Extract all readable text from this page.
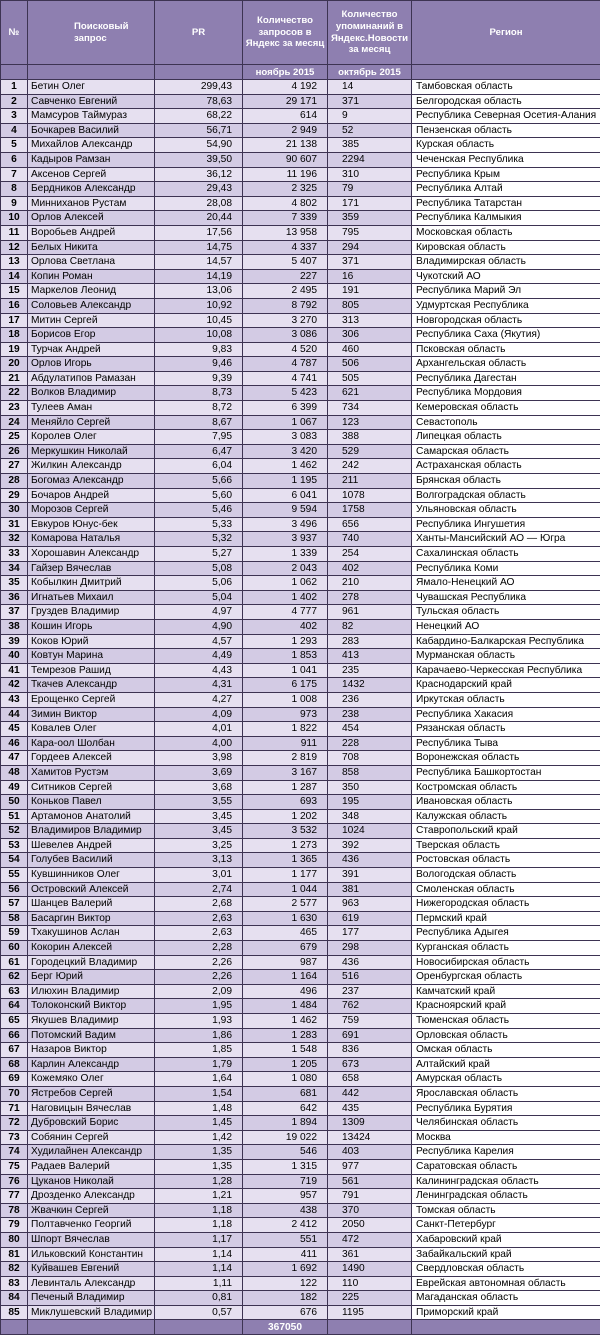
№	Поисковый запрос	PR	Количество запросов в Яндекс за месяц	Количество упоминаний в Яндекс.Новости за месяц	Регион
			ноябрь 2015	октябрь 2015	
1	Бетин Олег	299,43	4 192	14	Тамбовская область
2	Савченко Евгений	78,63	29 171	371	Белгородская область
3	Мамсуров Таймураз	68,22	614	9	Республика Северная Осетия-Алания
4	Бочкарев Василий	56,71	2 949	52	Пензенская область
5	Михайлов Александр	54,90	21 138	385	Курская область
6	Кадыров Рамзан	39,50	90 607	2294	Чеченская Республика
7	Аксенов Сергей	36,12	11 196	310	Республика Крым
8	Бердников Александр	29,43	2 325	79	Республика Алтай
9	Минниханов Рустам	28,08	4 802	171	Республика Татарстан
10	Орлов Алексей	20,44	7 339	359	Республика Калмыкия
11	Воробьев Андрей	17,56	13 958	795	Московская область
12	Белых Никита	14,75	4 337	294	Кировская область
13	Орлова Светлана	14,57	5 407	371	Владимирская область
14	Копин Роман	14,19	227	16	Чукотский АО
15	Маркелов Леонид	13,06	2 495	191	Республика Марий Эл
16	Соловьев Александр	10,92	8 792	805	Удмуртская Республика
17	Митин Сергей	10,45	3 270	313	Новгородская область
18	Борисов Егор	10,08	3 086	306	Республика Саха (Якутия)
19	Турчак Андрей	9,83	4 520	460	Псковская область
20	Орлов Игорь	9,46	4 787	506	Архангельская область
21	Абдулатипов Рамазан	9,39	4 741	505	Республика Дагестан
22	Волков Владимир	8,73	5 423	621	Республика Мордовия
23	Тулеев Аман	8,72	6 399	734	Кемеровская область
24	Меняйло Сергей	8,67	1 067	123	Севастополь
25	Королев Олег	7,95	3 083	388	Липецкая область
26	Меркушкин Николай	6,47	3 420	529	Самарская область
27	Жилкин Александр	6,04	1 462	242	Астраханская область
28	Богомаз Александр	5,66	1 195	211	Брянская область
29	Бочаров Андрей	5,60	6 041	1078	Волгоградская область
30	Морозов Сергей	5,46	9 594	1758	Ульяновская область
31	Евкуров Юнус-бек	5,33	3 496	656	Республика Ингушетия
32	Комарова Наталья	5,32	3 937	740	Ханты-Мансийский АО — Югра
33	Хорошавин Александр	5,27	1 339	254	Сахалинская область
34	Гайзер Вячеслав	5,08	2 043	402	Республика Коми
35	Кобылкин Дмитрий	5,06	1 062	210	Ямало-Ненецкий АО
36	Игнатьев Михаил	5,04	1 402	278	Чувашская Республика
37	Груздев Владимир	4,97	4 777	961	Тульская область
38	Кошин Игорь	4,90	402	82	Ненецкий АО
39	Коков Юрий	4,57	1 293	283	Кабардино-Балкарская Республика
40	Ковтун Марина	4,49	1 853	413	Мурманская область
41	Темрезов Рашид	4,43	1 041	235	Карачаево-Черкесская Республика
42	Ткачев Александр	4,31	6 175	1432	Краснодарский край
43	Ерощенко Сергей	4,27	1 008	236	Иркутская область
44	Зимин Виктор	4,09	973	238	Республика Хакасия
45	Ковалев Олег	4,01	1 822	454	Рязанская область
46	Кара-оол Шолбан	4,00	911	228	Республика Тыва
47	Гордеев Алексей	3,98	2 819	708	Воронежская область
48	Хамитов Рустэм	3,69	3 167	858	Республика Башкортостан
49	Ситников Сергей	3,68	1 287	350	Костромская область
50	Коньков Павел	3,55	693	195	Ивановская область
51	Артамонов Анатолий	3,45	1 202	348	Калужская область
52	Владимиров Владимир	3,45	3 532	1024	Ставропольский край
53	Шевелев Андрей	3,25	1 273	392	Тверская область
54	Голубев Василий	3,13	1 365	436	Ростовская область
55	Кувшинников Олег	3,01	1 177	391	Вологодская область
56	Островский Алексей	2,74	1 044	381	Смоленская область
57	Шанцев Валерий	2,68	2 577	963	Нижегородская область
58	Басаргин Виктор	2,63	1 630	619	Пермский край
59	Тхакушинов Аслан	2,63	465	177	Республика Адыгея
60	Кокорин Алексей	2,28	679	298	Курганская область
61	Городецкий Владимир	2,26	987	436	Новосибирская область
62	Берг Юрий	2,26	1 164	516	Оренбургская область
63	Илюхин Владимир	2,09	496	237	Камчатский край
64	Толоконский Виктор	1,95	1 484	762	Красноярский край
65	Якушев Владимир	1,93	1 462	759	Тюменская область
66	Потомский Вадим	1,86	1 283	691	Орловская область
67	Назаров Виктор	1,85	1 548	836	Омская область
68	Карлин Александр	1,79	1 205	673	Алтайский край
69	Кожемяко Олег	1,64	1 080	658	Амурская область
70	Ястребов Сергей	1,54	681	442	Ярославская область
71	Наговицын Вячеслав	1,48	642	435	Республика Бурятия
72	Дубровский Борис	1,45	1 894	1309	Челябинская область
73	Собянин Сергей	1,42	19 022	13424	Москва
74	Худилайнен Александр	1,35	546	403	Республика Карелия
75	Радаев Валерий	1,35	1 315	977	Саратовская область
76	Цуканов Николай	1,28	719	561	Калининградская область
77	Дрозденко Александр	1,21	957	791	Ленинградская область
78	Жвачкин Сергей	1,18	438	370	Томская область
79	Полтавченко Георгий	1,18	2 412	2050	Санкт-Петербург
80	Шпорт Вячеслав	1,17	551	472	Хабаровский край
81	Ильковский Константин	1,14	411	361	Забайкальский край
82	Куйвашев Евгений	1,14	1 692	1490	Свердловская область
83	Левинталь Александр	1,11	122	110	Еврейская автономная область
84	Печеный Владимир	0,81	182	225	Магаданская область
85	Миклушевский Владимир	0,57	676	1195	Приморский край
			367050		
